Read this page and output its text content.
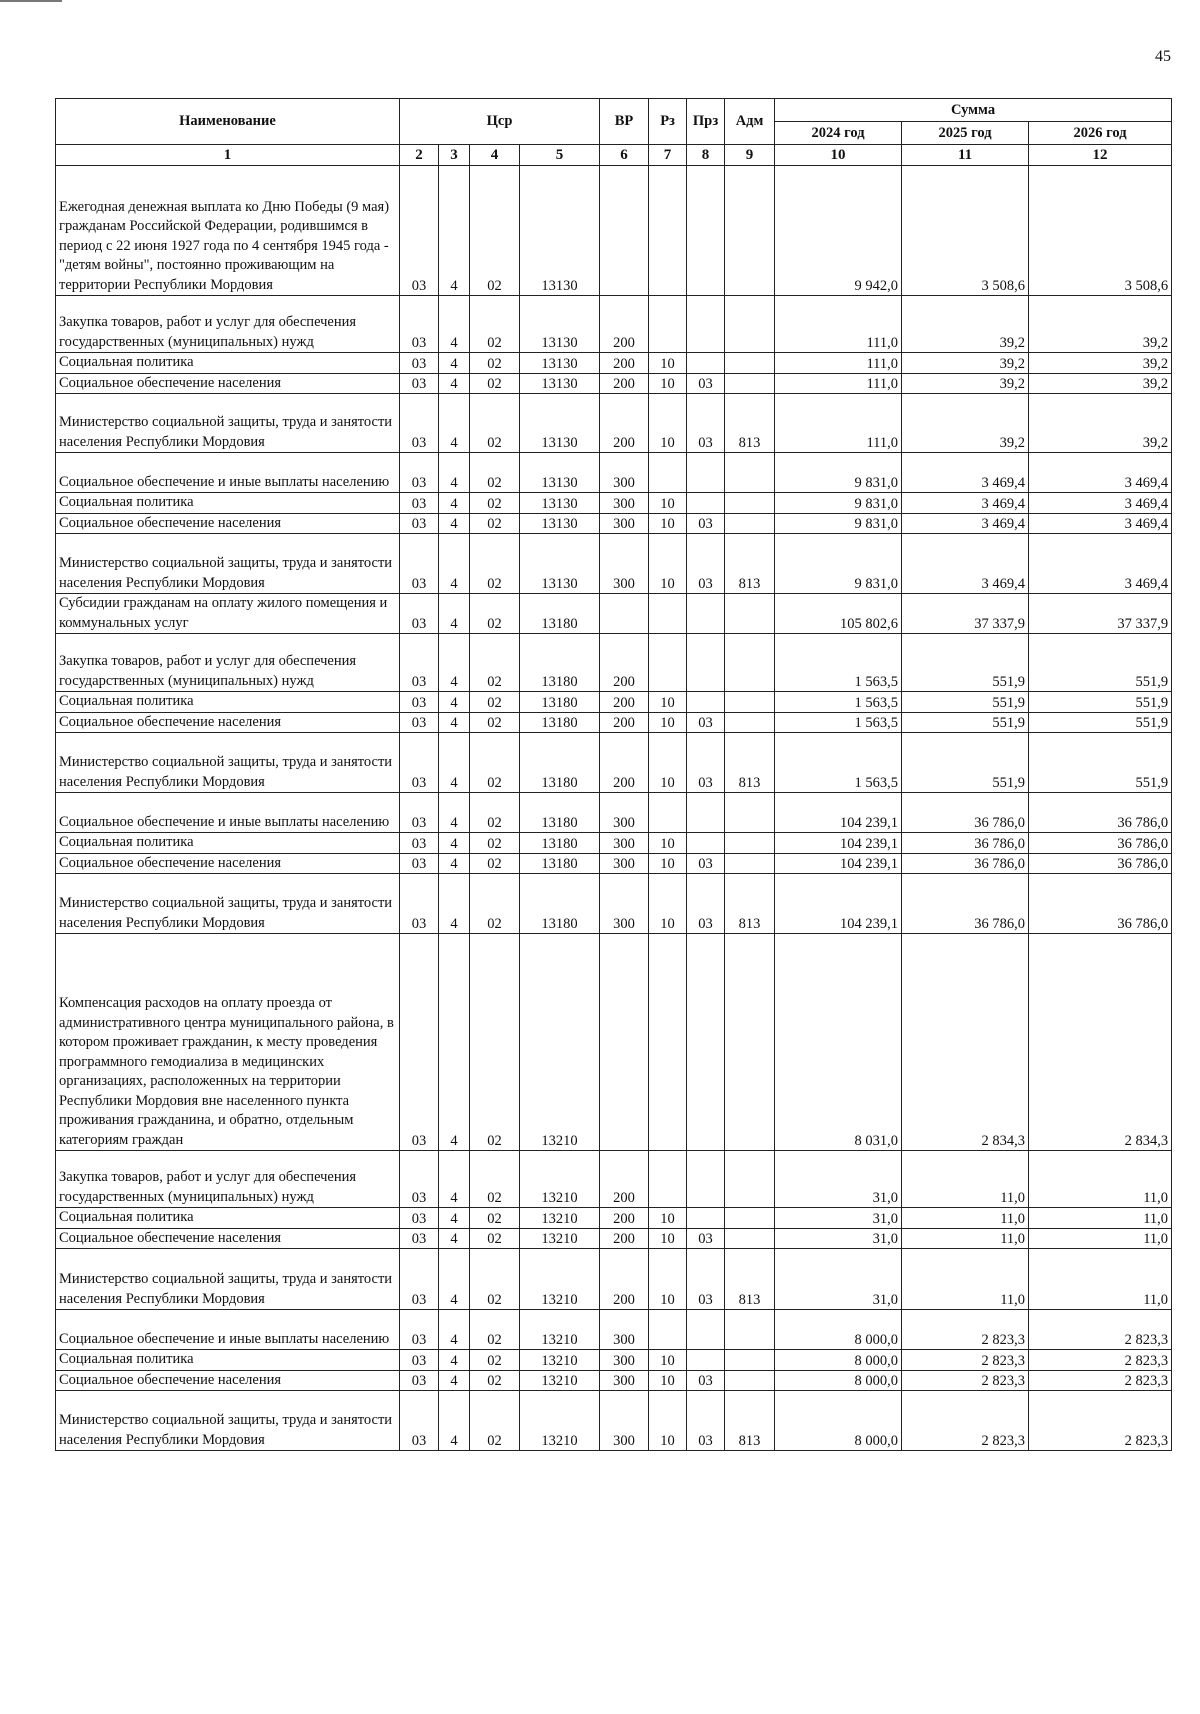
45
Наименование	Цср				ВР	Рз	Прз	Адм	Сумма		
									2024 год	2025 год	2026 год
1	2	3	4	5	6	7	8	9	10	11	12
Ежегодная денежная выплата ко Дню Победы (9 мая) гражданам Российской Федерации, родившимся в период с 22 июня 1927 года по 4 сентября 1945 года - "детям войны", постоянно проживающим на территории Республики Мордовия	03	4	02	13130					9 942,0	3 508,6	3 508,6
Закупка товаров, работ и услуг для обеспечения государственных (муниципальных) нужд	03	4	02	13130	200				111,0	39,2	39,2
Социальная политика	03	4	02	13130	200	10			111,0	39,2	39,2
Социальное обеспечение населения	03	4	02	13130	200	10	03		111,0	39,2	39,2
Министерство социальной защиты, труда и занятости населения Республики Мордовия	03	4	02	13130	200	10	03	813	111,0	39,2	39,2
Социальное обеспечение и иные выплаты населению	03	4	02	13130	300				9 831,0	3 469,4	3 469,4
Социальная политика	03	4	02	13130	300	10			9 831,0	3 469,4	3 469,4
Социальное обеспечение населения	03	4	02	13130	300	10	03		9 831,0	3 469,4	3 469,4
Министерство социальной защиты, труда и занятости населения Республики Мордовия	03	4	02	13130	300	10	03	813	9 831,0	3 469,4	3 469,4
Субсидии гражданам на оплату жилого помещения и коммунальных услуг	03	4	02	13180					105 802,6	37 337,9	37 337,9
Закупка товаров, работ и услуг для обеспечения государственных (муниципальных) нужд	03	4	02	13180	200				1 563,5	551,9	551,9
Социальная политика	03	4	02	13180	200	10			1 563,5	551,9	551,9
Социальное обеспечение населения	03	4	02	13180	200	10	03		1 563,5	551,9	551,9
Министерство социальной защиты, труда и занятости населения Республики Мордовия	03	4	02	13180	200	10	03	813	1 563,5	551,9	551,9
Социальное обеспечение и иные выплаты населению	03	4	02	13180	300				104 239,1	36 786,0	36 786,0
Социальная политика	03	4	02	13180	300	10			104 239,1	36 786,0	36 786,0
Социальное обеспечение населения	03	4	02	13180	300	10	03		104 239,1	36 786,0	36 786,0
Министерство социальной защиты, труда и занятости населения Республики Мордовия	03	4	02	13180	300	10	03	813	104 239,1	36 786,0	36 786,0
Компенсация расходов на оплату проезда от административного центра муниципального района, в котором проживает гражданин, к месту проведения программного гемодиализа в медицинских организациях, расположенных на территории Республики Мордовия вне населенного пункта проживания гражданина, и обратно, отдельным категориям граждан	03	4	02	13210					8 031,0	2 834,3	2 834,3
Закупка товаров, работ и услуг для обеспечения государственных (муниципальных) нужд	03	4	02	13210	200				31,0	11,0	11,0
Социальная политика	03	4	02	13210	200	10			31,0	11,0	11,0
Социальное обеспечение населения	03	4	02	13210	200	10	03		31,0	11,0	11,0
Министерство социальной защиты, труда и занятости населения Республики Мордовия	03	4	02	13210	200	10	03	813	31,0	11,0	11,0
Социальное обеспечение и иные выплаты населению	03	4	02	13210	300				8 000,0	2 823,3	2 823,3
Социальная политика	03	4	02	13210	300	10			8 000,0	2 823,3	2 823,3
Социальное обеспечение населения	03	4	02	13210	300	10	03		8 000,0	2 823,3	2 823,3
Министерство социальной защиты, труда и занятости населения Республики Мордовия	03	4	02	13210	300	10	03	813	8 000,0	2 823,3	2 823,3
